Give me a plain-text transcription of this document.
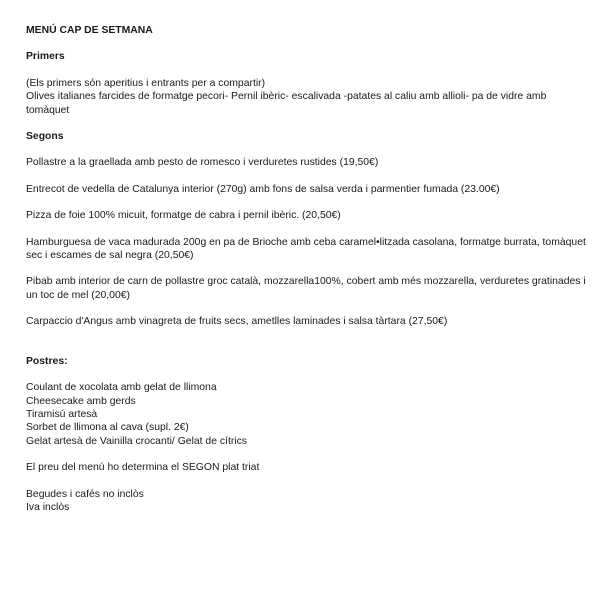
MENÚ CAP DE SETMANA
Primers
(Els primers són aperitius i entrants per a compartir)
Olives italianes farcides de formatge pecori- Pernil ibèric- escalivada -patates al caliu amb allioli- pa de vidre amb tomàquet
Segons
Pollastre a la graellada amb pesto de romesco i verduretes rustides (19,50€)
Entrecot de vedella de Catalunya interior (270g) amb fons de salsa verda i parmentier fumada (23.00€)
Pizza de foie 100% micuit, formatge de cabra i pernil ibèric. (20,50€)
Hamburguesa de vaca madurada 200g en pa de Brioche amb ceba caramel•litzada casolana, formatge burrata, tomàquet sec i escames de sal negra (20,50€)
Pibab amb interior de carn de pollastre groc català, mozzarella100%, cobert amb més mozzarella, verduretes gratinades i un toc de mel (20,00€)
Carpaccio d'Angus amb vinagreta de fruits secs, ametlles laminades i salsa tàrtara (27,50€)
Postres:
Coulant de xocolata amb gelat de llimona
Cheesecake amb gerds
Tiramisú artesà
Sorbet de llimona al cava (supl. 2€)
Gelat artesà de Vainilla crocanti/ Gelat de cítrics
El preu del menú ho determina el SEGON plat triat
Begudes i cafés no inclòs
Iva inclòs
